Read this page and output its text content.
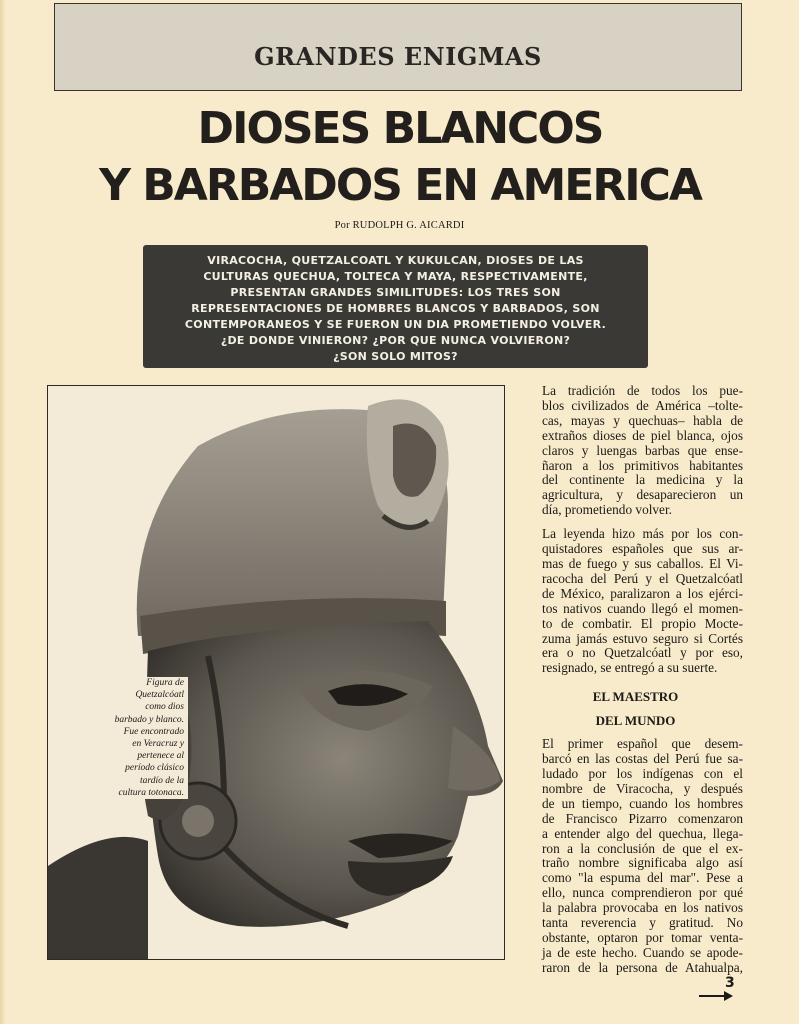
GRANDES ENIGMAS
DIOSES BLANCOS
Y BARBADOS EN AMERICA
Por RUDOLPH G. AICARDI
VIRACOCHA, QUETZALCOATL Y KUKULCAN, DIOSES DE LAS
CULTURAS QUECHUA, TOLTECA Y MAYA, RESPECTIVAMENTE,
PRESENTAN GRANDES SIMILITUDES: LOS TRES SON
REPRESENTACIONES DE HOMBRES BLANCOS Y BARBADOS, SON
CONTEMPORANEOS Y SE FUERON UN DIA PROMETIENDO VOLVER.
¿DE DONDE VINIERON? ¿POR QUE NUNCA VOLVIERON?
¿SON SOLO MITOS?
Figura de
Quetzalcóatl
como dios
barbado y blanco.
Fue encontrado
en Veracruz y
pertenece al
período clásico
tardío de la
cultura totonaca.

La tradición de todos los pue-
blos civilizados de América –tolte-
cas, mayas y quechuas– habla de
extraños dioses de piel blanca, ojos
claros y luengas barbas que ense-
ñaron a los primitivos habitantes
del continente la medicina y la
agricultura, y desaparecieron un
día, prometiendo volver.

La leyenda hizo más por los con-
quistadores españoles que sus ar-
mas de fuego y sus caballos. El Vi-
racocha del Perú y el Quetzalcóatl
de México, paralizaron a los ejérci-
tos nativos cuando llegó el momen-
to de combatir. El propio Mocte-
zuma jamás estuvo seguro si Cortés
era o no Quetzalcóatl y por eso,
resignado, se entregó a su suerte.

EL MAESTRO
DEL MUNDO

El primer español que desem-
barcó en las costas del Perú fue sa-
ludado por los indígenas con el
nombre de Viracocha, y después
de un tiempo, cuando los hombres
de Francisco Pizarro comenzaron
a entender algo del quechua, llega-
ron a la conclusión de que el ex-
traño nombre significaba algo así
como "la espuma del mar". Pese a
ello, nunca comprendieron por qué
la palabra provocaba en los nativos
tanta reverencia y gratitud. No
obstante, optaron por tomar venta-
ja de este hecho. Cuando se apode-
raron de la persona de Atahualpa,

3
